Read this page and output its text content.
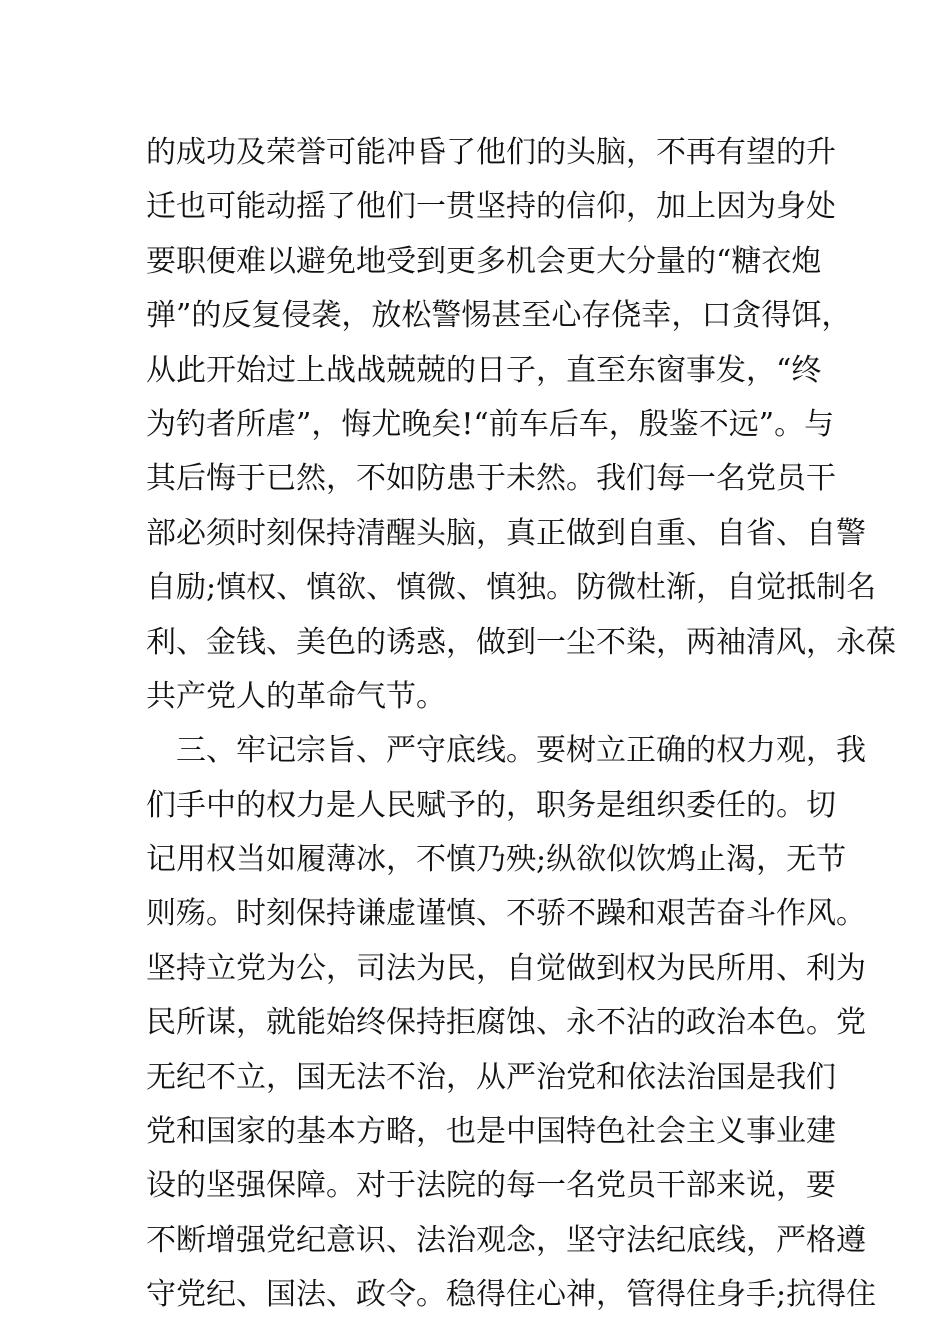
的成功及荣誉可能冲昏了他们的头脑，不再有望的升
迁也可能动摇了他们一贯坚持的信仰，加上因为身处
要职便难以避免地受到更多机会更大分量的“糖衣炮
弹”的反复侵袭，放松警惕甚至心存侥幸，口贪得饵，
从此开始过上战战兢兢的日子，直至东窗事发，“终
为钓者所虐”，悔尤晚矣!“前车后车，殷鉴不远”。与
其后悔于已然，不如防患于未然。我们每一名党员干
部必须时刻保持清醒头脑，真正做到自重、自省、自警
自励;慎权、慎欲、慎微、慎独。防微杜渐，自觉抵制名
利、金钱、美色的诱惑，做到一尘不染，两袖清风，永葆
共产党人的革命气节。
　三、牢记宗旨、严守底线。要树立正确的权力观，我
们手中的权力是人民赋予的，职务是组织委任的。切
记用权当如履薄冰，不慎乃殃;纵欲似饮鸩止渴，无节
则殇。时刻保持谦虚谨慎、不骄不躁和艰苦奋斗作风。
坚持立党为公，司法为民，自觉做到权为民所用、利为
民所谋，就能始终保持拒腐蚀、永不沾的政治本色。党
无纪不立，国无法不治，从严治党和依法治国是我们
党和国家的基本方略，也是中国特色社会主义事业建
设的坚强保障。对于法院的每一名党员干部来说，要
不断增强党纪意识、法治观念，坚守法纪底线，严格遵
守党纪、国法、政令。稳得住心神，管得住身手;抗得住
